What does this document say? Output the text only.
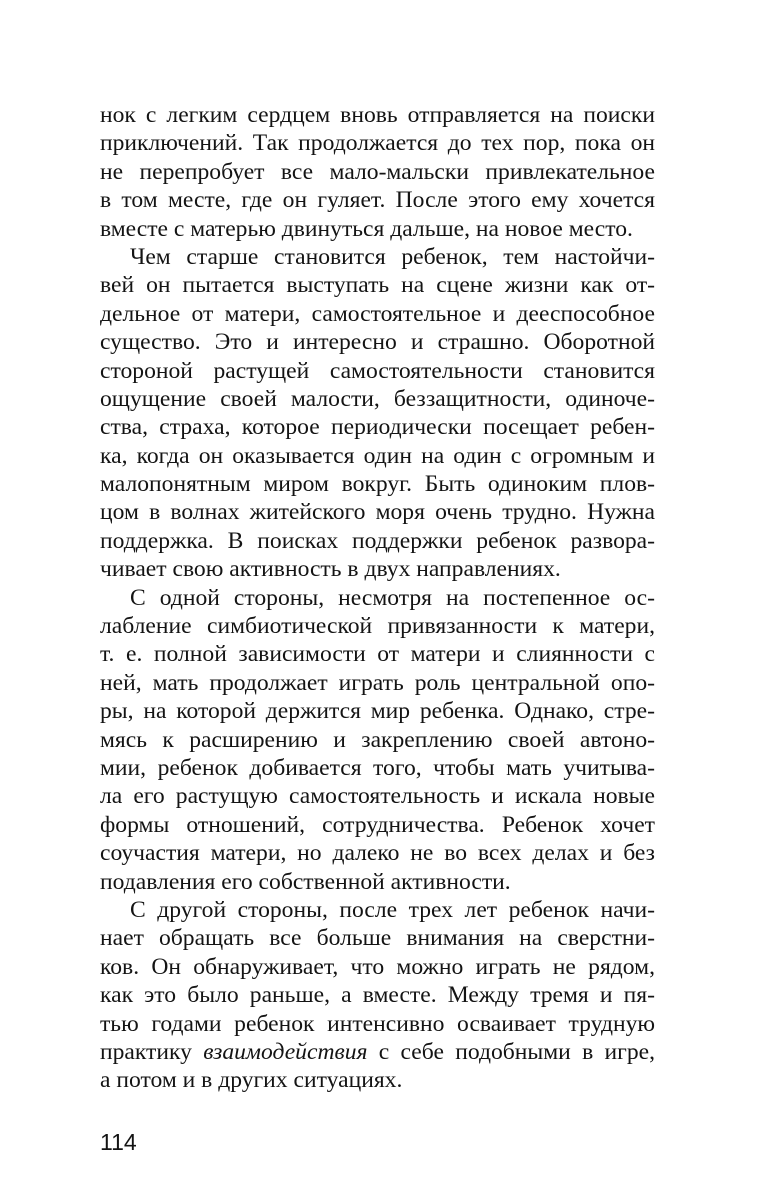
нок с легким сердцем вновь отправляется на поиски
приключений. Так продолжается до тех пор, пока он
не перепробует все мало-мальски привлекательное
в том месте, где он гуляет. После этого ему хочется
вместе с матерью двинуться дальше, на новое место.
Чем старше становится ребенок, тем настойчи-
вей он пытается выступать на сцене жизни как от-
дельное от матери, самостоятельное и дееспособное
существо. Это и интересно и страшно. Оборотной
стороной растущей самостоятельности становится
ощущение своей малости, беззащитности, одиноче-
ства, страха, которое периодически посещает ребен-
ка, когда он оказывается один на один с огромным и
малопонятным миром вокруг. Быть одиноким плов-
цом в волнах житейского моря очень трудно. Нужна
поддержка. В поисках поддержки ребенок развора-
чивает свою активность в двух направлениях.
С одной стороны, несмотря на постепенное ос-
лабление симбиотической привязанности к матери,
т. е. полной зависимости от матери и слиянности с
ней, мать продолжает играть роль центральной опо-
ры, на которой держится мир ребенка. Однако, стре-
мясь к расширению и закреплению своей автоно-
мии, ребенок добивается того, чтобы мать учитыва-
ла его растущую самостоятельность и искала новые
формы отношений, сотрудничества. Ребенок хочет
соучастия матери, но далеко не во всех делах и без
подавления его собственной активности.
С другой стороны, после трех лет ребенок начи-
нает обращать все больше внимания на сверстни-
ков. Он обнаруживает, что можно играть не рядом,
как это было раньше, а вместе. Между тремя и пя-
тью годами ребенок интенсивно осваивает трудную
практику взаимодействия с себе подобными в игре,
а потом и в других ситуациях.
114
